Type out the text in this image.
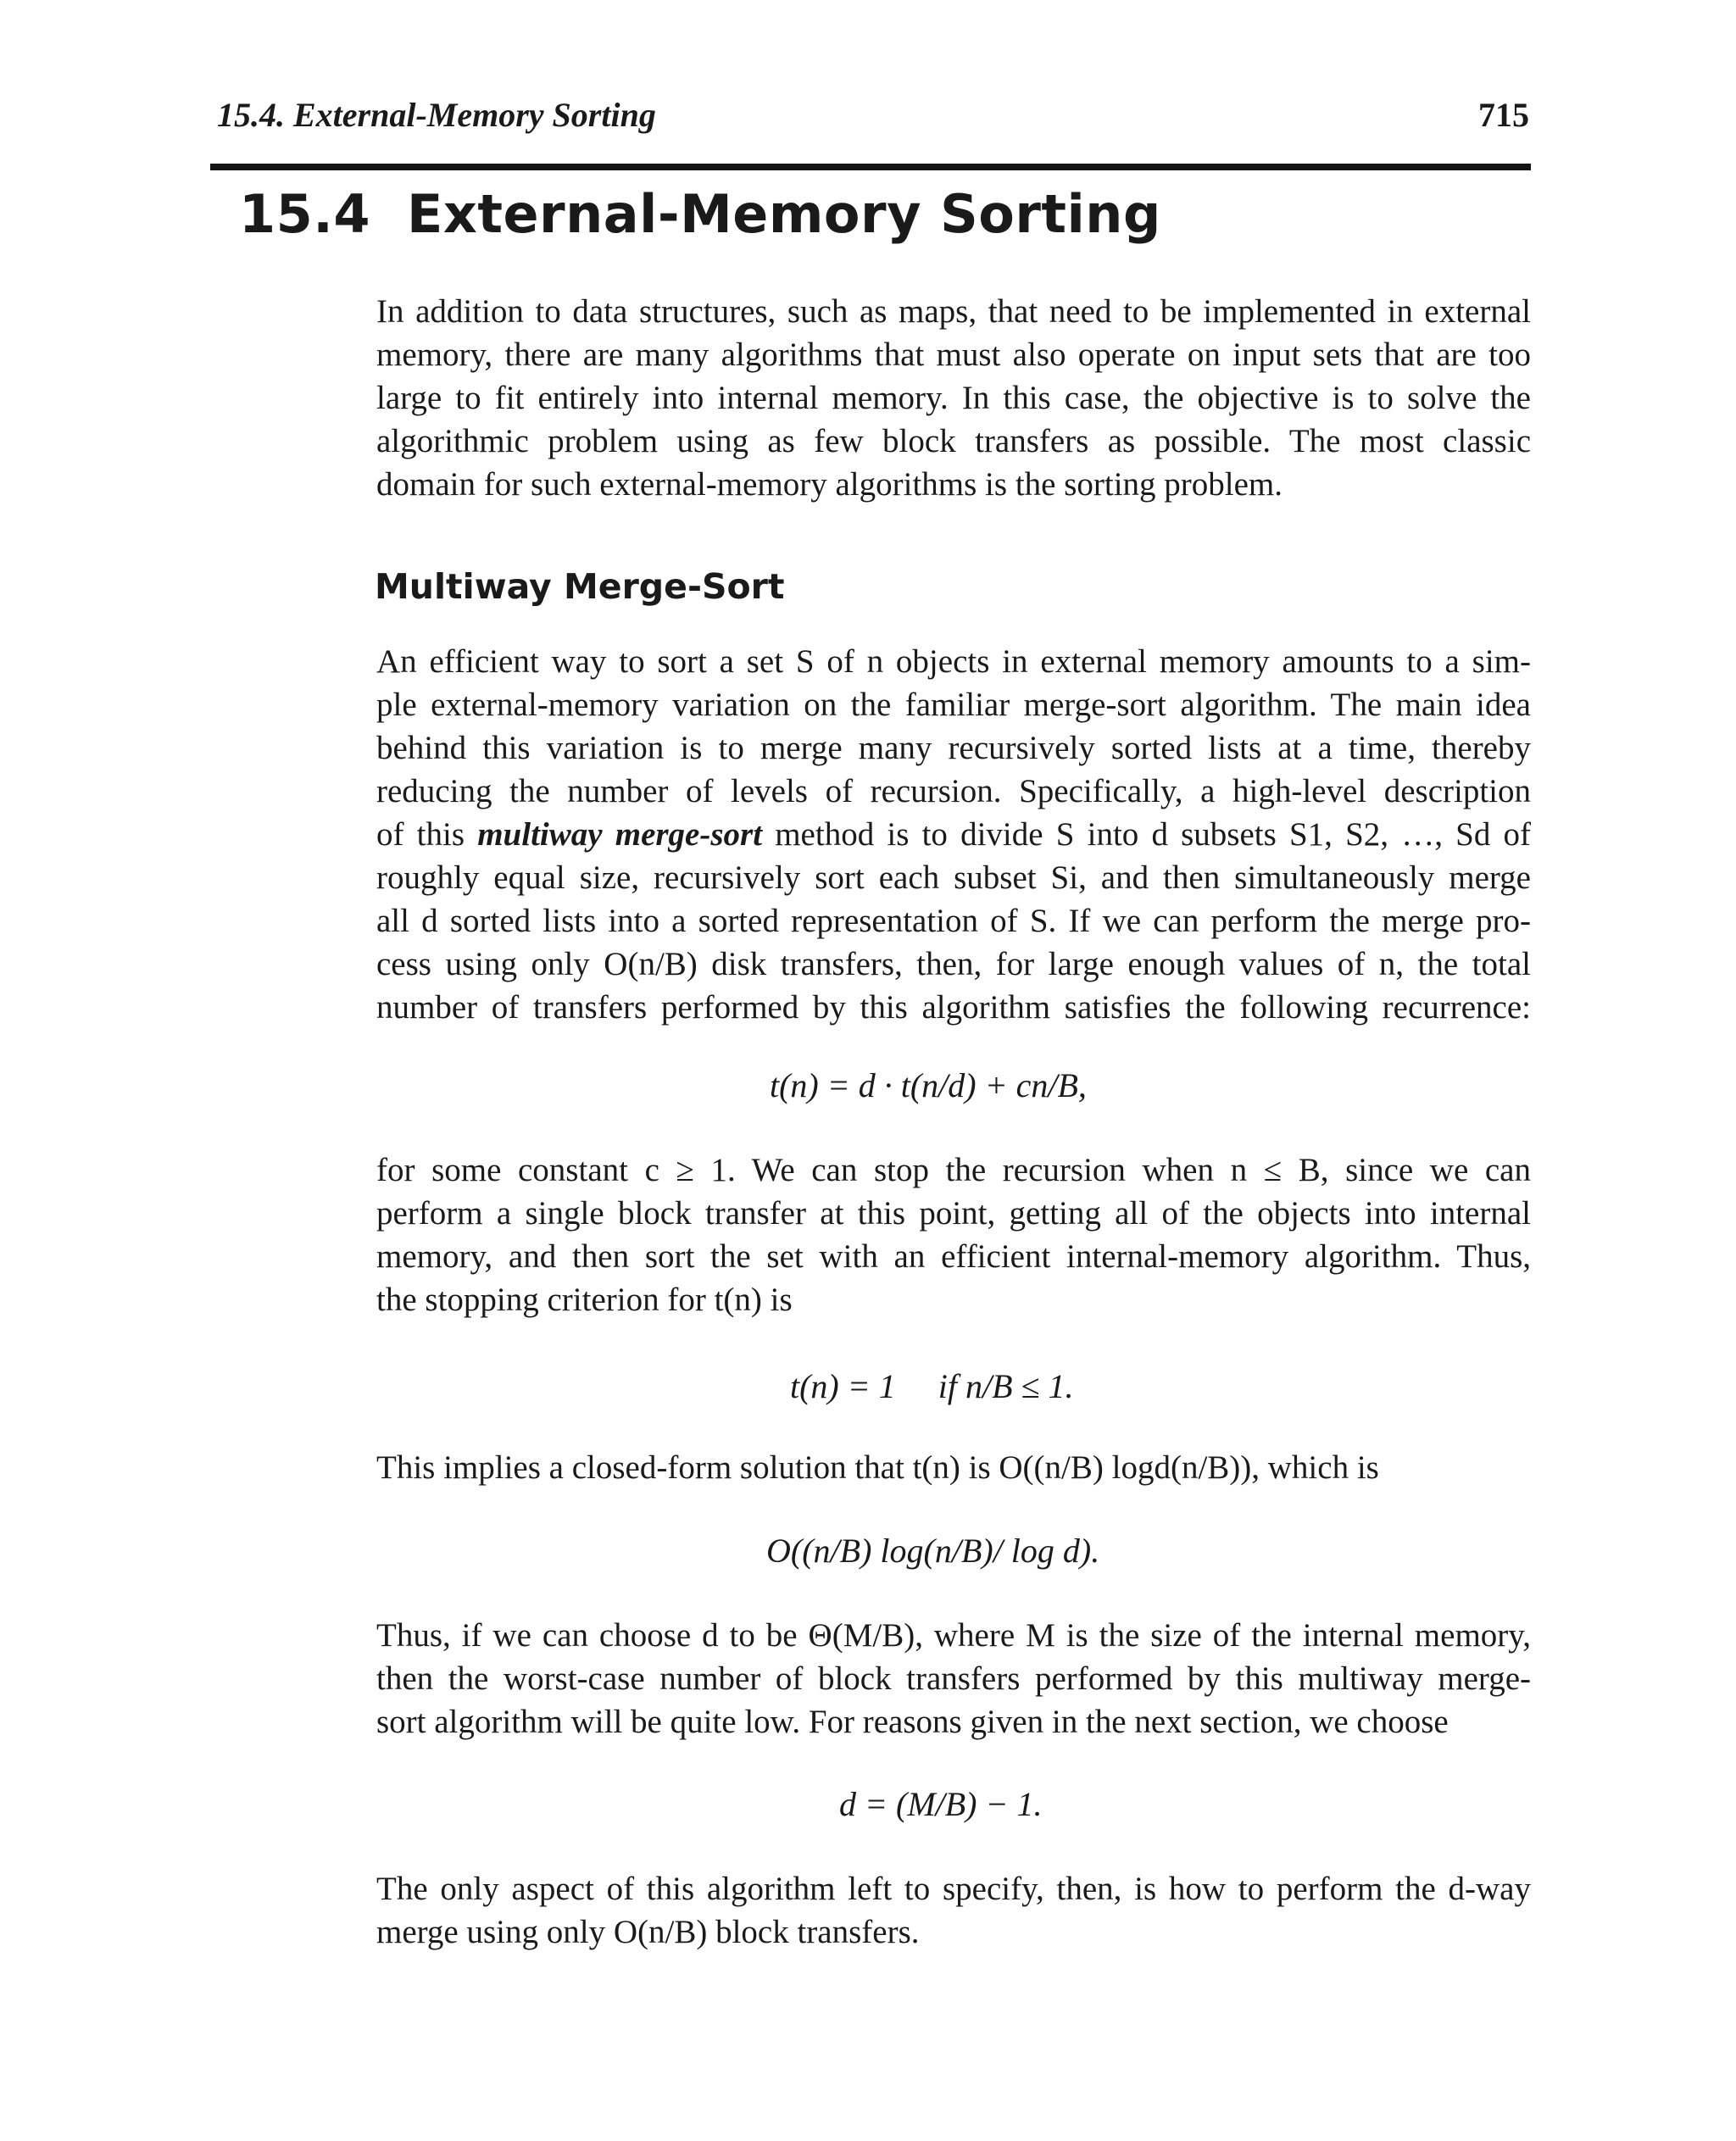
15.4. External-Memory Sorting	715
15.4 External-Memory Sorting
In addition to data structures, such as maps, that need to be implemented in external
memory, there are many algorithms that must also operate on input sets that are too
large to fit entirely into internal memory. In this case, the objective is to solve the
algorithmic problem using as few block transfers as possible. The most classic
domain for such external-memory algorithms is the sorting problem.
Multiway Merge-Sort
An efficient way to sort a set S of n objects in external memory amounts to a sim-
ple external-memory variation on the familiar merge-sort algorithm. The main idea
behind this variation is to merge many recursively sorted lists at a time, thereby
reducing the number of levels of recursion. Specifically, a high-level description
of this multiway merge-sort method is to divide S into d subsets S1, S2, …, Sd of
roughly equal size, recursively sort each subset Si, and then simultaneously merge
all d sorted lists into a sorted representation of S. If we can perform the merge pro-
cess using only O(n/B) disk transfers, then, for large enough values of n, the total
number of transfers performed by this algorithm satisfies the following recurrence:
t(n) = d · t(n/d) + cn/B,
for some constant c ≥ 1. We can stop the recursion when n ≤ B, since we can
perform a single block transfer at this point, getting all of the objects into internal
memory, and then sort the set with an efficient internal-memory algorithm. Thus,
the stopping criterion for t(n) is
t(n) = 1     if n/B ≤ 1.
This implies a closed-form solution that t(n) is O((n/B) logd(n/B)), which is
O((n/B) log(n/B)/ log d).
Thus, if we can choose d to be Θ(M/B), where M is the size of the internal memory,
then the worst-case number of block transfers performed by this multiway merge-
sort algorithm will be quite low. For reasons given in the next section, we choose
d = (M/B) − 1.
The only aspect of this algorithm left to specify, then, is how to perform the d-way
merge using only O(n/B) block transfers.
